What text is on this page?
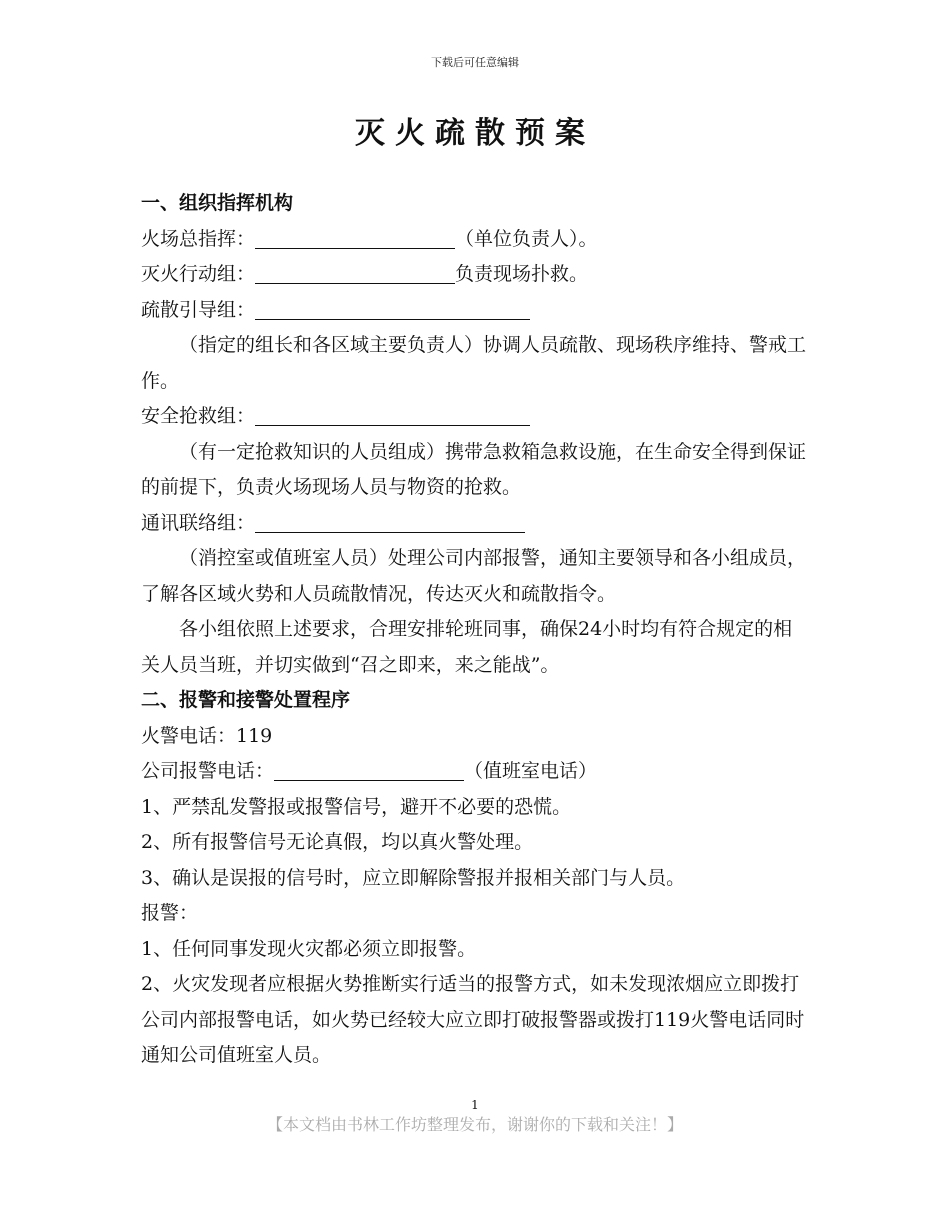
下载后可任意编辑
灭火疏散预案
一、组织指挥机构
火场总指挥：	（单位负责人）。
灭火行动组：	负责现场扑救。
疏散引导组：
（指定的组长和各区域主要负责人）协调人员疏散、现场秩序维持、警戒工作。
安全抢救组：
（有一定抢救知识的人员组成）携带急救箱急救设施，在生命安全得到保证的前提下，负责火场现场人员与物资的抢救。
通讯联络组：
（消控室或值班室人员）处理公司内部报警，通知主要领导和各小组成员，了解各区域火势和人员疏散情况，传达灭火和疏散指令。
各小组依照上述要求，合理安排轮班同事，确保24小时均有符合规定的相关人员当班，并切实做到“召之即来，来之能战”。
二、报警和接警处置程序
火警电话：119
公司报警电话：	（值班室电话）
1、严禁乱发警报或报警信号，避开不必要的恐慌。
2、所有报警信号无论真假，均以真火警处理。
3、确认是误报的信号时，应立即解除警报并报相关部门与人员。
报警：
1、任何同事发现火灾都必须立即报警。
2、火灾发现者应根据火势推断实行适当的报警方式，如未发现浓烟应立即拨打公司内部报警电话，如火势已经较大应立即打破报警器或拨打119火警电话同时通知公司值班室人员。
1
【本文档由书林工作坊整理发布，谢谢你的下载和关注！】
